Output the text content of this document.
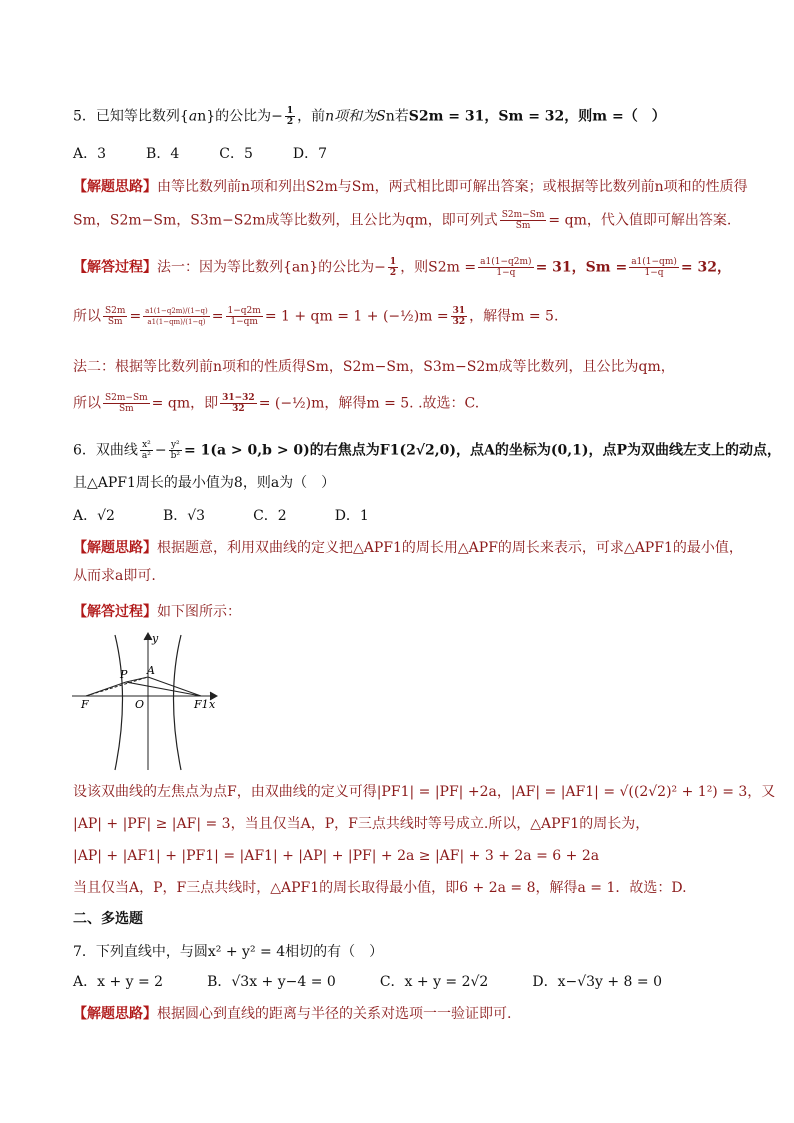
5．已知等比数列{an}的公比为− $\frac{1}{2}$ ，前n项和为Sn若S2m = 31，Sm = 32，则m =（　）
A．3	B．4	C．5	D．7
【解题思路】由等比数列前n项和列出S2m与Sm，两式相比即可解出答案；或根据等比数列前n项和的性质得
Sm，S2m−Sm，S3m−S2m成等比数列，且公比为qm，即可列式 $\frac{S2m-Sm}{Sm}$ = qm，代入值即可解出答案.
【解答过程】法一：因为等比数列{an}的公比为− $\frac{1}{2}$ ，则$S2m = \frac{a1(1-q2m)}{1-q} = 31$，$Sm = \frac{a1(1-qm)}{1-q} = 32$，
所以 $\frac{S2m}{Sm} = \frac{a1(1-q2m)/(1-q)}{a1(1-qm)/(1-q)} = \frac{1-q2m}{1-qm} = 1$ + qm = 1 + (−½)m = $\frac{31}{32}$ ，解得m = 5.
法二：根据等比数列前n项和的性质得Sm，S2m−Sm，S3m−S2m成等比数列，且公比为qm，
所以 $\frac{S2m-Sm}{Sm}$ = qm，即 $\frac{31-32}{32}$ = (−½)m，解得m = 5. .故选：C.
6．双曲线 $\frac{\text{x²}}{\text{a²}} - \frac{\text{y²}}{\text{b²}} = 1(a > 0,b > 0)$的右焦点为F1(2√2,0)，点A的坐标为(0,1)，点P为双曲线左支上的动点，
且△APF1周长的最小值为8，则a为（　）
A．√2	B．√3	C．2	D．1
【解题思路】根据题意，利用双曲线的定义把△APF1的周长用△APF的周长来表示，可求△APF1的最小值，
从而求a即可.
【解答过程】如下图所示：
y
x
P A
F	O	F1
设该双曲线的左焦点为点F，由双曲线的定义可得|PF1| = |PF| +2a，|AF| = |AF1| = √((2√2)² + 1²) = 3，又
|AP| + |PF| ≥ |AF| = 3，当且仅当A，P，F三点共线时等号成立.所以，△APF1的周长为，
|AP| + |AF1| + |PF1| = |AF1| + |AP| + |PF| + 2a ≥ |AF| + 3 + 2a = 6 + 2a
当且仅当A，P，F三点共线时，△APF1的周长取得最小值，即6 + 2a = 8，解得a = 1．故选：D.
二、多选题
7．下列直线中，与圆x² + y² = 4相切的有（　）
A．x + y = 2	B．√3x + y−4 = 0	C．x + y = 2√2	D．x−√3y + 8 = 0
【解题思路】根据圆心到直线的距离与半径的关系对选项一一验证即可.
